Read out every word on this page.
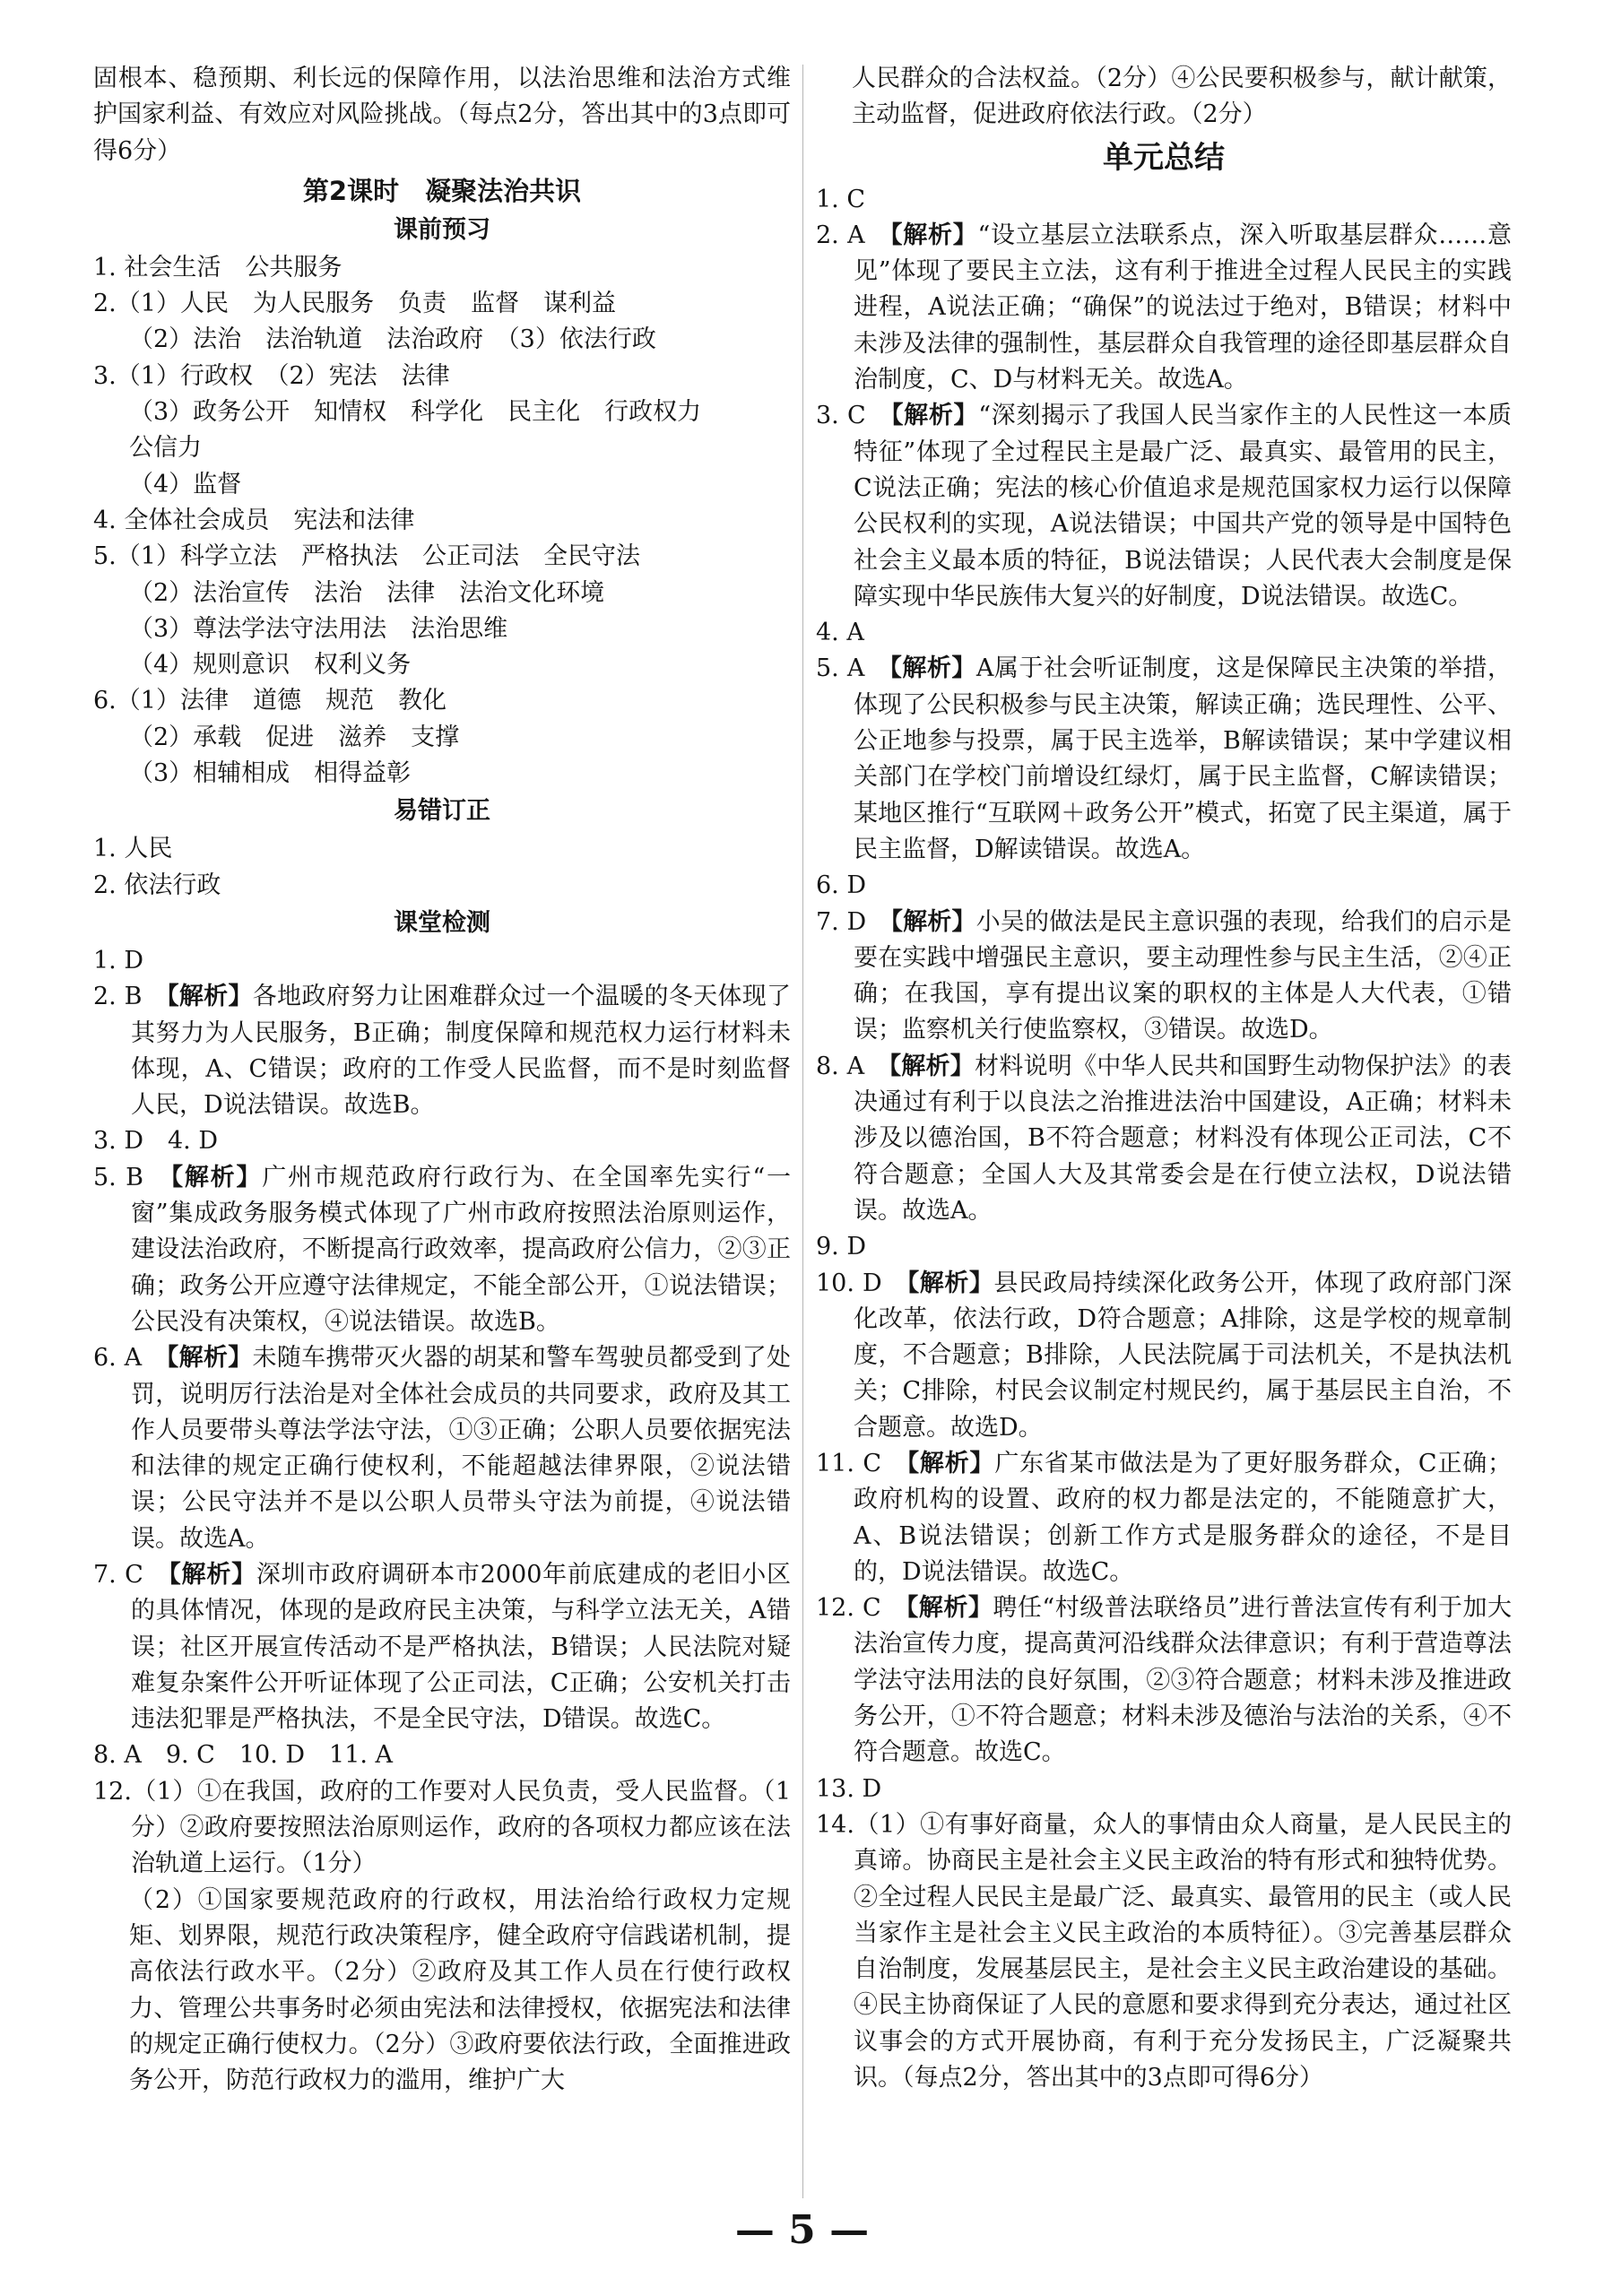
固根本、稳预期、利长远的保障作用，以法治思维和法治方式维护国家利益、有效应对风险挑战。（每点2分，答出其中的3点即可得6分）

第2课时　凝聚法治共识
课前预习
1. 社会生活　公共服务
2.（1）人民　为人民服务　负责　监督　谋利益
（2）法治　法治轨道　法治政府　（3）依法行政
3.（1）行政权　（2）宪法　法律
（3）政务公开　知情权　科学化　民主化　行政权力
公信力
（4）监督
4. 全体社会成员　宪法和法律
5.（1）科学立法　严格执法　公正司法　全民守法
（2）法治宣传　法治　法律　法治文化环境
（3）尊法学法守法用法　法治思维
（4）规则意识　权利义务
6.（1）法律　道德　规范　教化
（2）承载　促进　滋养　支撑
（3）相辅相成　相得益彰
易错订正
1. 人民
2. 依法行政
课堂检测
1. D

2. B　【解析】各地政府努力让困难群众过一个温暖的冬天体现了其努力为人民服务，B正确；制度保障和规范权力运行材料未体现，A、C错误；政府的工作受人民监督，而不是时刻监督人民，D说法错误。故选B。

3. D　4. D

5. B　【解析】广州市规范政府行政行为、在全国率先实行“一窗”集成政务服务模式体现了广州市政府按照法治原则运作，建设法治政府，不断提高行政效率，提高政府公信力，②③正确；政务公开应遵守法律规定，不能全部公开，①说法错误；公民没有决策权，④说法错误。故选B。

6. A　【解析】未随车携带灭火器的胡某和警车驾驶员都受到了处罚，说明厉行法治是对全体社会成员的共同要求，政府及其工作人员要带头尊法学法守法，①③正确；公职人员要依据宪法和法律的规定正确行使权利，不能超越法律界限，②说法错误；公民守法并不是以公职人员带头守法为前提，④说法错误。故选A。

7. C　【解析】深圳市政府调研本市2000年前底建成的老旧小区的具体情况，体现的是政府民主决策，与科学立法无关，A错误；社区开展宣传活动不是严格执法，B错误；人民法院对疑难复杂案件公开听证体现了公正司法，C正确；公安机关打击违法犯罪是严格执法，不是全民守法，D错误。故选C。

8. A　9. C　10. D　11. A

12.（1）①在我国，政府的工作要对人民负责，受人民监督。（1分）②政府要按照法治原则运作，政府的各项权力都应该在法治轨道上运行。（1分）

（2）①国家要规范政府的行政权，用法治给行政权力定规矩、划界限，规范行政决策程序，健全政府守信践诺机制，提高依法行政水平。（2分）②政府及其工作人员在行使行政权力、管理公共事务时必须由宪法和法律授权，依据宪法和法律的规定正确行使权力。（2分）③政府要依法行政，全面推进政务公开，防范行政权力的滥用，维护广大

人民群众的合法权益。（2分）④公民要积极参与，献计献策，主动监督，促进政府依法行政。（2分）

单元总结
1. C

2. A　【解析】“设立基层立法联系点，深入听取基层群众……意见”体现了要民主立法，这有利于推进全过程人民民主的实践进程，A说法正确；“确保”的说法过于绝对，B错误；材料中未涉及法律的强制性，基层群众自我管理的途径即基层群众自治制度，C、D与材料无关。故选A。

3. C　【解析】“深刻揭示了我国人民当家作主的人民性这一本质特征”体现了全过程民主是最广泛、最真实、最管用的民主，C说法正确；宪法的核心价值追求是规范国家权力运行以保障公民权利的实现，A说法错误；中国共产党的领导是中国特色社会主义最本质的特征，B说法错误；人民代表大会制度是保障实现中华民族伟大复兴的好制度，D说法错误。故选C。

4. A

5. A　【解析】A属于社会听证制度，这是保障民主决策的举措，体现了公民积极参与民主决策，解读正确；选民理性、公平、公正地参与投票，属于民主选举，B解读错误；某中学建议相关部门在学校门前增设红绿灯，属于民主监督，C解读错误；某地区推行“互联网＋政务公开”模式，拓宽了民主渠道，属于民主监督，D解读错误。故选A。

6. D

7. D　【解析】小吴的做法是民主意识强的表现，给我们的启示是要在实践中增强民主意识，要主动理性参与民主生活，②④正确；在我国，享有提出议案的职权的主体是人大代表，①错误；监察机关行使监察权，③错误。故选D。

8. A　【解析】材料说明《中华人民共和国野生动物保护法》的表决通过有利于以良法之治推进法治中国建设，A正确；材料未涉及以德治国，B不符合题意；材料没有体现公正司法，C不符合题意；全国人大及其常委会是在行使立法权，D说法错误。故选A。

9. D

10. D　【解析】县民政局持续深化政务公开，体现了政府部门深化改革，依法行政，D符合题意；A排除，这是学校的规章制度，不合题意；B排除，人民法院属于司法机关，不是执法机关；C排除，村民会议制定村规民约，属于基层民主自治，不合题意。故选D。

11. C　【解析】广东省某市做法是为了更好服务群众，C正确；政府机构的设置、政府的权力都是法定的，不能随意扩大，A、B说法错误；创新工作方式是服务群众的途径，不是目的，D说法错误。故选C。

12. C　【解析】聘任“村级普法联络员”进行普法宣传有利于加大法治宣传力度，提高黄河沿线群众法律意识；有利于营造尊法学法守法用法的良好氛围，②③符合题意；材料未涉及推进政务公开，①不符合题意；材料未涉及德治与法治的关系，④不符合题意。故选C。

13. D

14.（1）①有事好商量，众人的事情由众人商量，是人民民主的真谛。协商民主是社会主义民主政治的特有形式和独特优势。②全过程人民民主是最广泛、最真实、最管用的民主（或人民当家作主是社会主义民主政治的本质特征）。③完善基层群众自治制度，发展基层民主，是社会主义民主政治建设的基础。④民主协商保证了人民的意愿和要求得到充分表达，通过社区议事会的方式开展协商，有利于充分发扬民主，广泛凝聚共识。（每点2分，答出其中的3点即可得6分）

— 5 —
